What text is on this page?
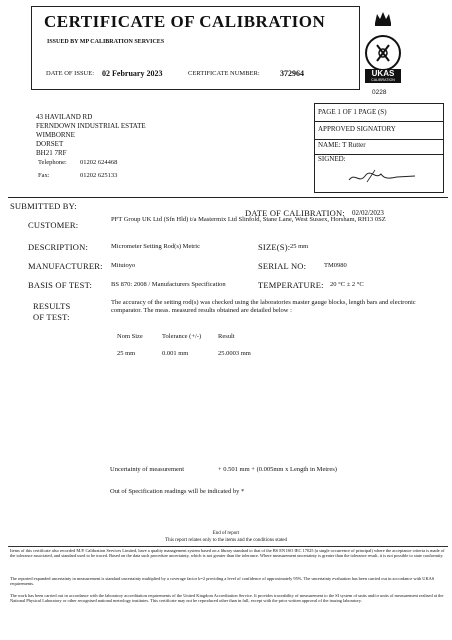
CERTIFICATE OF CALIBRATION
ISSUED BY MP CALIBRATION SERVICES
DATE OF ISSUE: 02 February 2023	CERTIFICATE NUMBER:	372964	UKAS
CALIBRATION
0228
43 HAVILAND RD
FERNDOWN INDUSTRIAL ESTATE
WIMBORNE
DORSET
BH21 7RF
Telephone: 01202 624468
Fax:	01202 625133
PAGE 1 OF 1 PAGE (S)
APPROVED SIGNATORY
NAME: T Rutter
SIGNED:
SUBMITTED BY:
DATE OF CALIBRATION: 02/02/2023
CUSTOMER:
PFT Group UK Ltd (Sfn Hld) t/a Mastermix Ltd Slinfold, Stane Lane, West Sussex, Horsham, RH13 0SZ
DESCRIPTION:	Micrometer Setting Rod(s) Metric	SIZE(S): 25 mm
MANUFACTURER: Mitutoyo	SERIAL NO:	TM0980
BASIS OF TEST:	BS 870: 2008 / Manufacturers Specification	TEMPERATURE: 20 °C ± 2 °C
RESULTS
OF TEST:
The accuracy of the setting rod(s) was checked using the laboratories master gauge blocks, length bars and electronic comparator. The meas. measured results obtained are detailed below :
Nom Size	Tolerance (+/-)	Result
25 mm	0.001 mm	25.0003 mm
Uncertainty of measurement	+ 0.501 mm + (0.005mm x Length in Metres)
Out of Specification readings will be indicated by *
End of report
This report relates only to the items and the conditions stated
Items of this certificate also recorded M.P. Calibration Services Limited, have a quality management system based on a library standard to that of the BS EN ISO IEC 17025 (a single occurrence of principal) where the acceptance criteria is made of the tolerance associated, and standard used to be traced. Based on the data such procedure uncertainty, which is not greater than the tolerance. Where measurement uncertainty is greater than the tolerance result, it is not possible to state conformity.
The reported expanded uncertainty in measurement is standard uncertainty multiplied by a coverage factor k=2 providing a level of confidence of approximately 95%. The uncertainty evaluation has been carried out in accordance with UKAS requirements.
The work has been carried out in accordance with the laboratory accreditation requirements of the United Kingdom Accreditation Service. It provides traceability of measurement to the SI system of units and/or units of measurement realised at the National Physical Laboratory or other recognised national metrology institutes. This certificate may not be reproduced other than in full, except with the prior written approval of the issuing laboratory.
